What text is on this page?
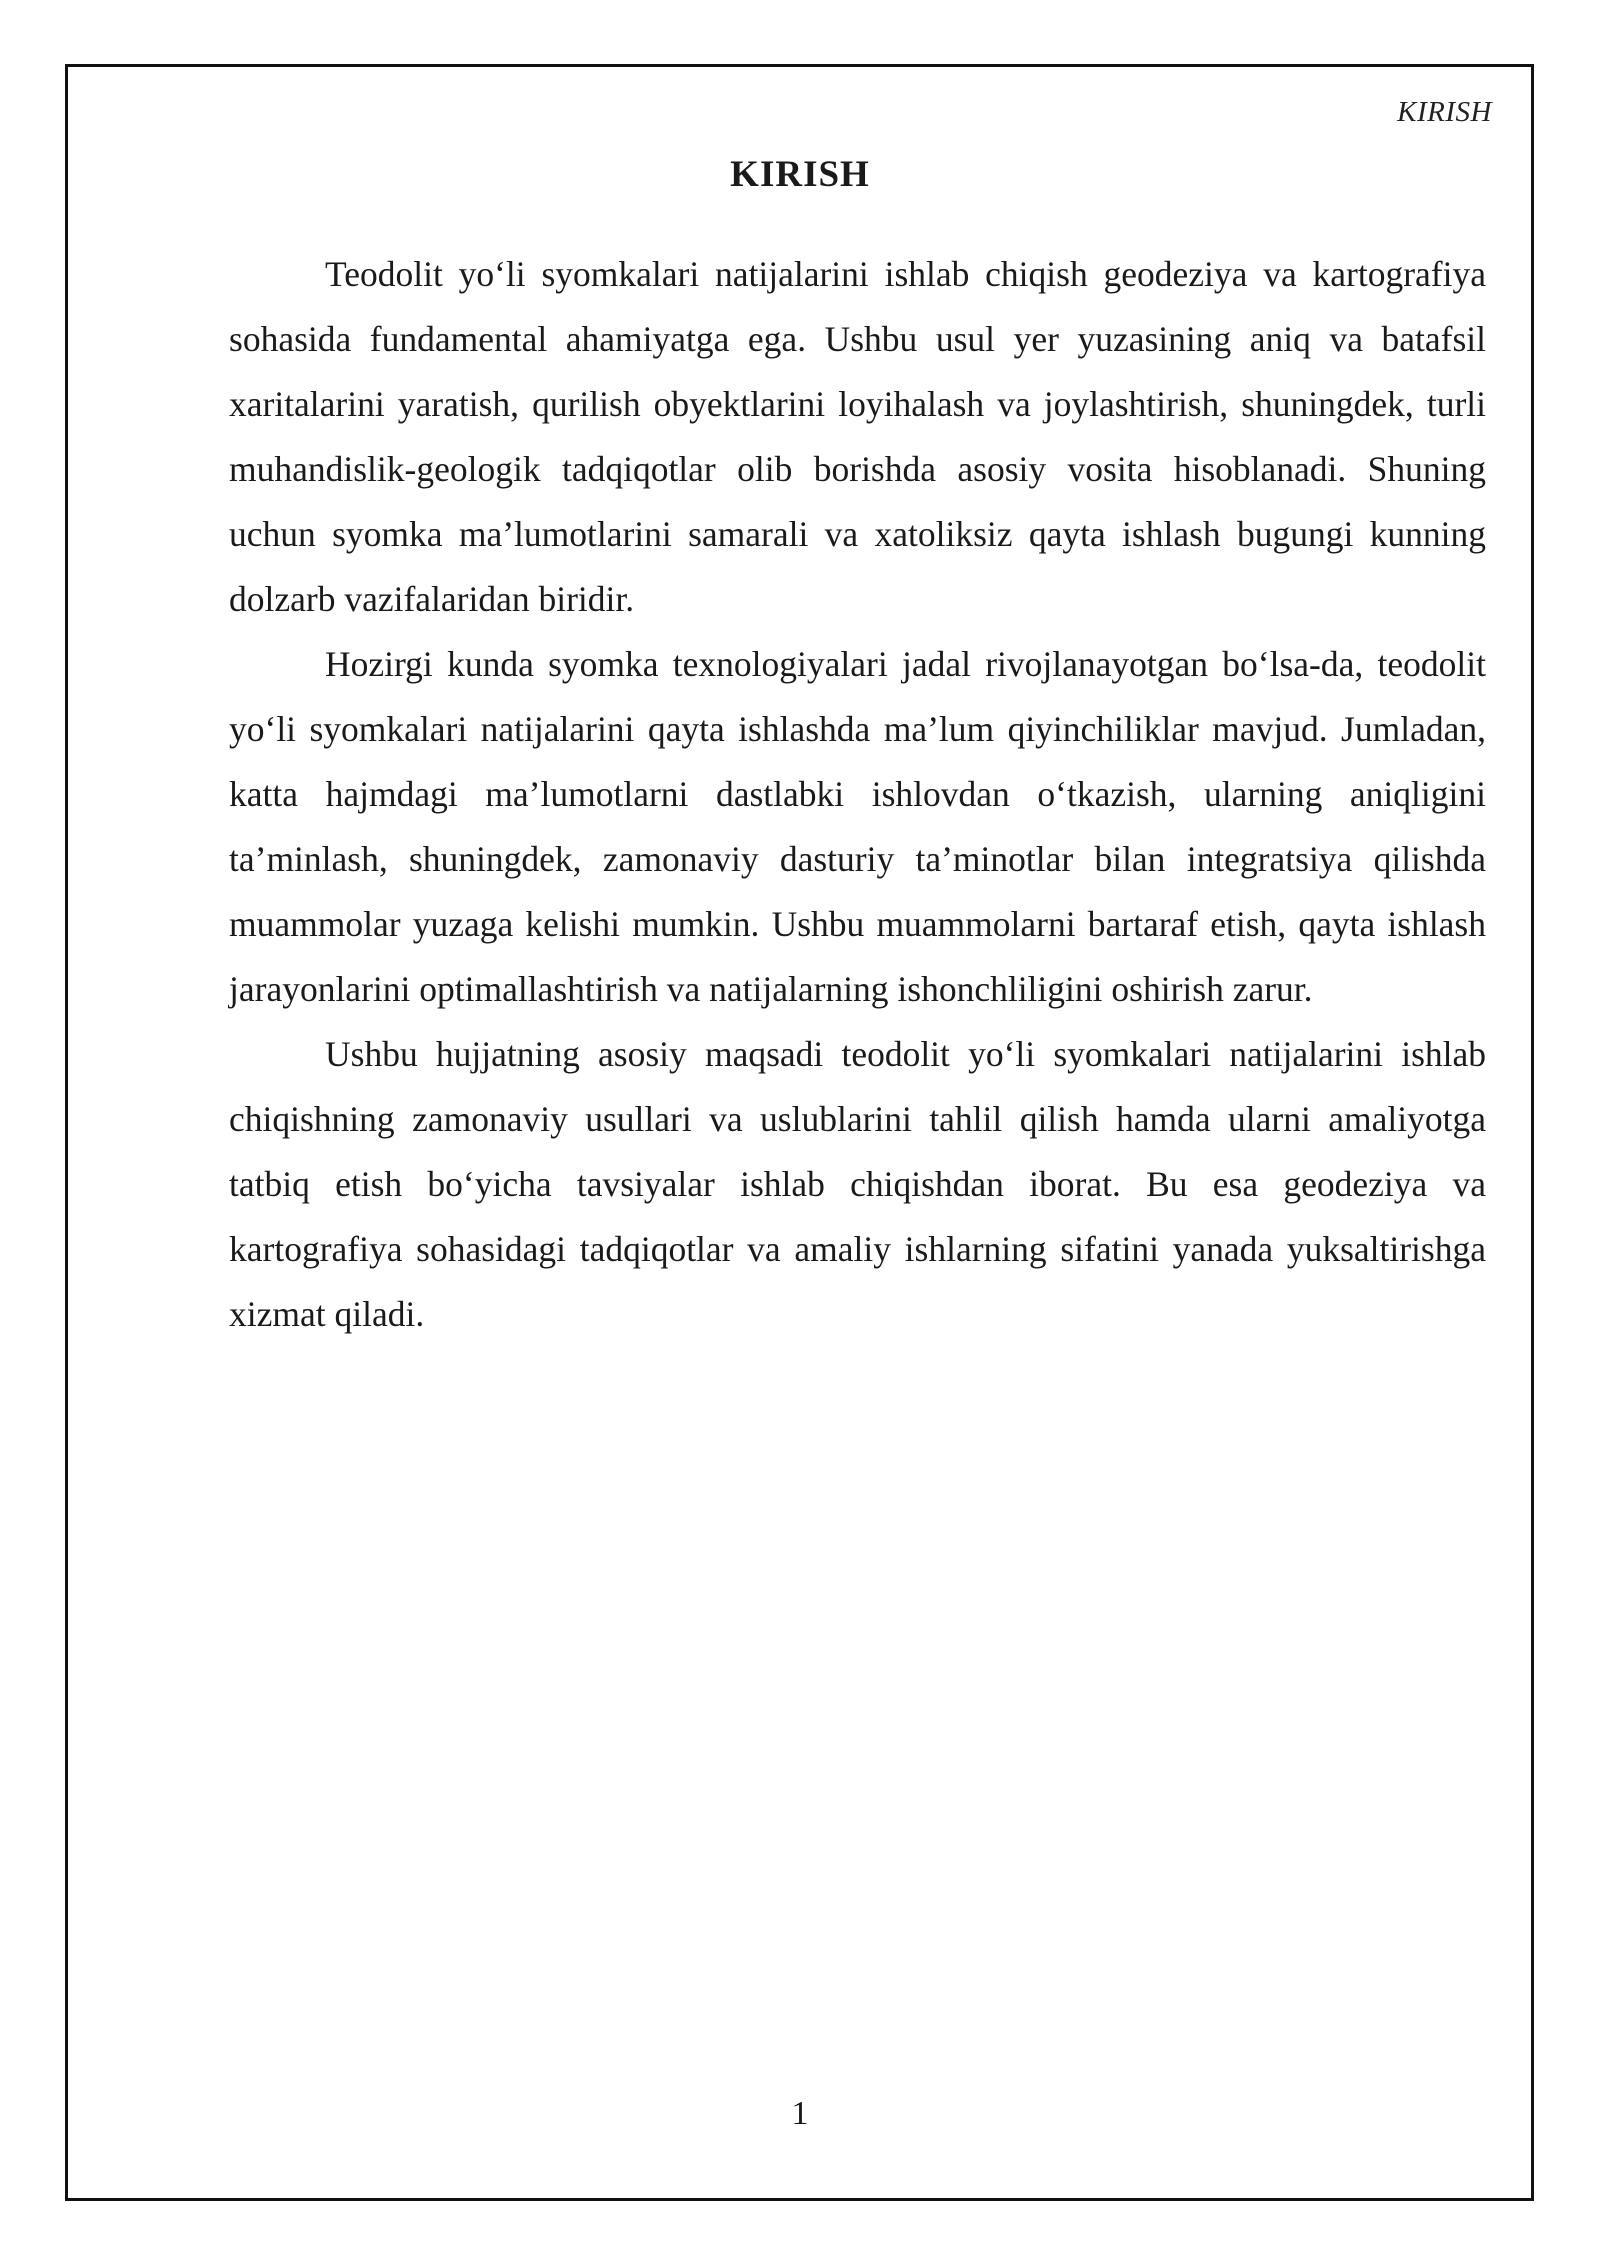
KIRISH
KIRISH

Teodolit yo‘li syomkalari natijalarini ishlab chiqish geodeziya va kartografiya sohasida fundamental ahamiyatga ega. Ushbu usul yer yuzasining aniq va batafsil xaritalarini yaratish, qurilish obyektlarini loyihalash va joylashtirish, shuningdek, turli muhandislik-geologik tadqiqotlar olib borishda asosiy vosita hisoblanadi. Shuning uchun syomka ma’lumotlarini samarali va xatoliksiz qayta ishlash bugungi kunning dolzarb vazifalaridan biridir.

Hozirgi kunda syomka texnologiyalari jadal rivojlanayotgan bo‘lsa-da, teodolit yo‘li syomkalari natijalarini qayta ishlashda ma’lum qiyinchiliklar mavjud. Jumladan, katta hajmdagi ma’lumotlarni dastlabki ishlovdan o‘tkazish, ularning aniqligini ta’minlash, shuningdek, zamonaviy dasturiy ta’minotlar bilan integratsiya qilishda muammolar yuzaga kelishi mumkin. Ushbu muammolarni bartaraf etish, qayta ishlash jarayonlarini optimallashtirish va natijalarning ishonchliligini oshirish zarur.

Ushbu hujjatning asosiy maqsadi teodolit yo‘li syomkalari natijalarini ishlab chiqishning zamonaviy usullari va uslublarini tahlil qilish hamda ularni amaliyotga tatbiq etish bo‘yicha tavsiyalar ishlab chiqishdan iborat. Bu esa geodeziya va kartografiya sohasidagi tadqiqotlar va amaliy ishlarning sifatini yanada yuksaltirishga xizmat qiladi.

1
